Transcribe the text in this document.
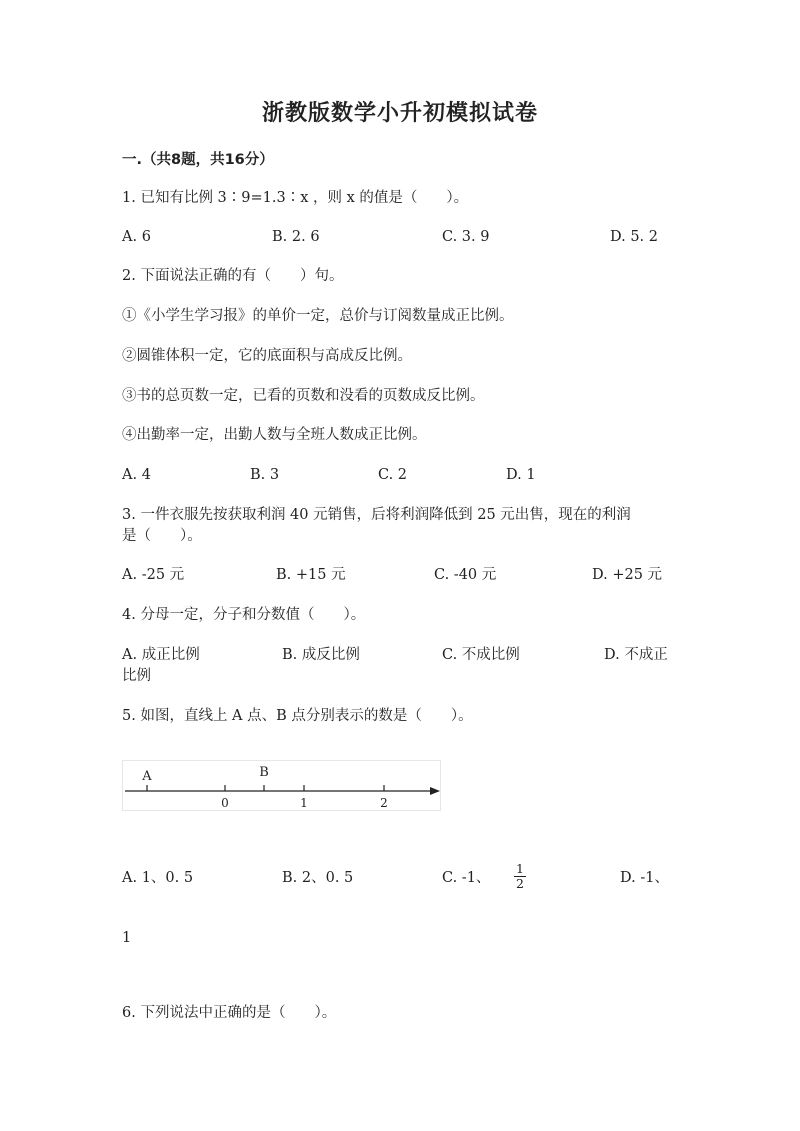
浙教版数学小升初模拟试卷
一.（共8题，共16分）
1. 已知有比例 3∶9=1.3∶x ，则 x 的值是（　　）。
A. 6	B. 2. 6	C. 3. 9	D. 5. 2
2. 下面说法正确的有（　　）句。
①《小学生学习报》的单价一定，总价与订阅数量成正比例。
②圆锥体积一定，它的底面积与高成反比例。
③书的总页数一定，已看的页数和没看的页数成反比例。
④出勤率一定，出勤人数与全班人数成正比例。
A. 4	B. 3	C. 2	D. 1
3. 一件衣服先按获取利润 40 元销售，后将利润降低到 25 元出售，现在的利润
是（　　）。
A. -25 元	B. +15 元	C. -40 元	D. +25 元
4. 分母一定，分子和分数值（　　）。
A. 成正比例	B. 成反比例	C. 不成比例	D. 不成正
比例
5. 如图，直线上 A 点、B 点分别表示的数是（　　）。
A	B
0	1	2
A. 1、0. 5	B. 2、0. 5	C. -1、 $\frac{1}{2}$	D. -1、
1
6. 下列说法中正确的是（　　）。
